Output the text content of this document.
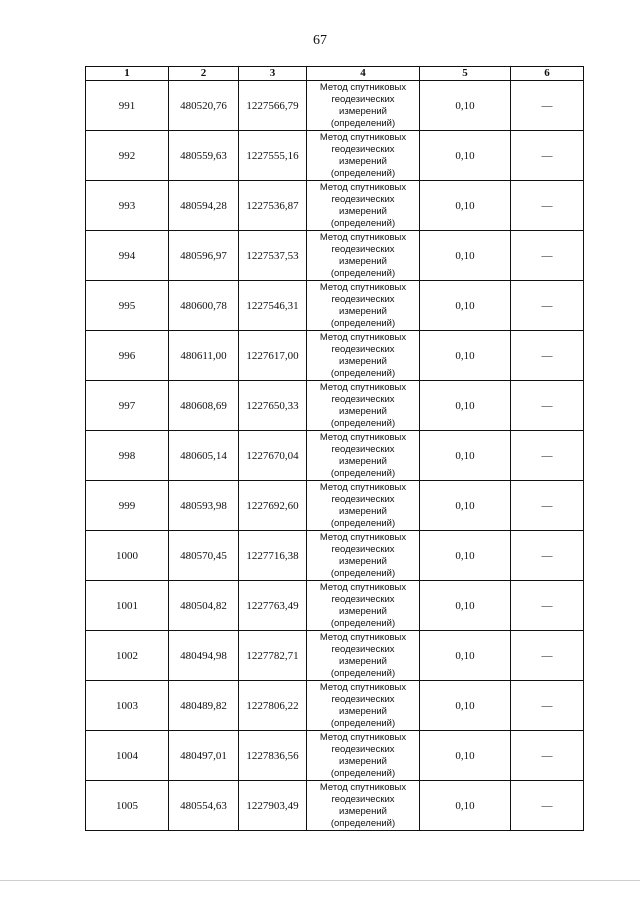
67
1	2	3	4	5	6
991	480520,76	1227566,79	Метод спутниковых
геодезических
измерений
(определений)	0,10	—
992	480559,63	1227555,16	Метод спутниковых
геодезических
измерений
(определений)	0,10	—
993	480594,28	1227536,87	Метод спутниковых
геодезических
измерений
(определений)	0,10	—
994	480596,97	1227537,53	Метод спутниковых
геодезических
измерений
(определений)	0,10	—
995	480600,78	1227546,31	Метод спутниковых
геодезических
измерений
(определений)	0,10	—
996	480611,00	1227617,00	Метод спутниковых
геодезических
измерений
(определений)	0,10	—
997	480608,69	1227650,33	Метод спутниковых
геодезических
измерений
(определений)	0,10	—
998	480605,14	1227670,04	Метод спутниковых
геодезических
измерений
(определений)	0,10	—
999	480593,98	1227692,60	Метод спутниковых
геодезических
измерений
(определений)	0,10	—
1000	480570,45	1227716,38	Метод спутниковых
геодезических
измерений
(определений)	0,10	—
1001	480504,82	1227763,49	Метод спутниковых
геодезических
измерений
(определений)	0,10	—
1002	480494,98	1227782,71	Метод спутниковых
геодезических
измерений
(определений)	0,10	—
1003	480489,82	1227806,22	Метод спутниковых
геодезических
измерений
(определений)	0,10	—
1004	480497,01	1227836,56	Метод спутниковых
геодезических
измерений
(определений)	0,10	—
1005	480554,63	1227903,49	Метод спутниковых
геодезических
измерений
(определений)	0,10	—
